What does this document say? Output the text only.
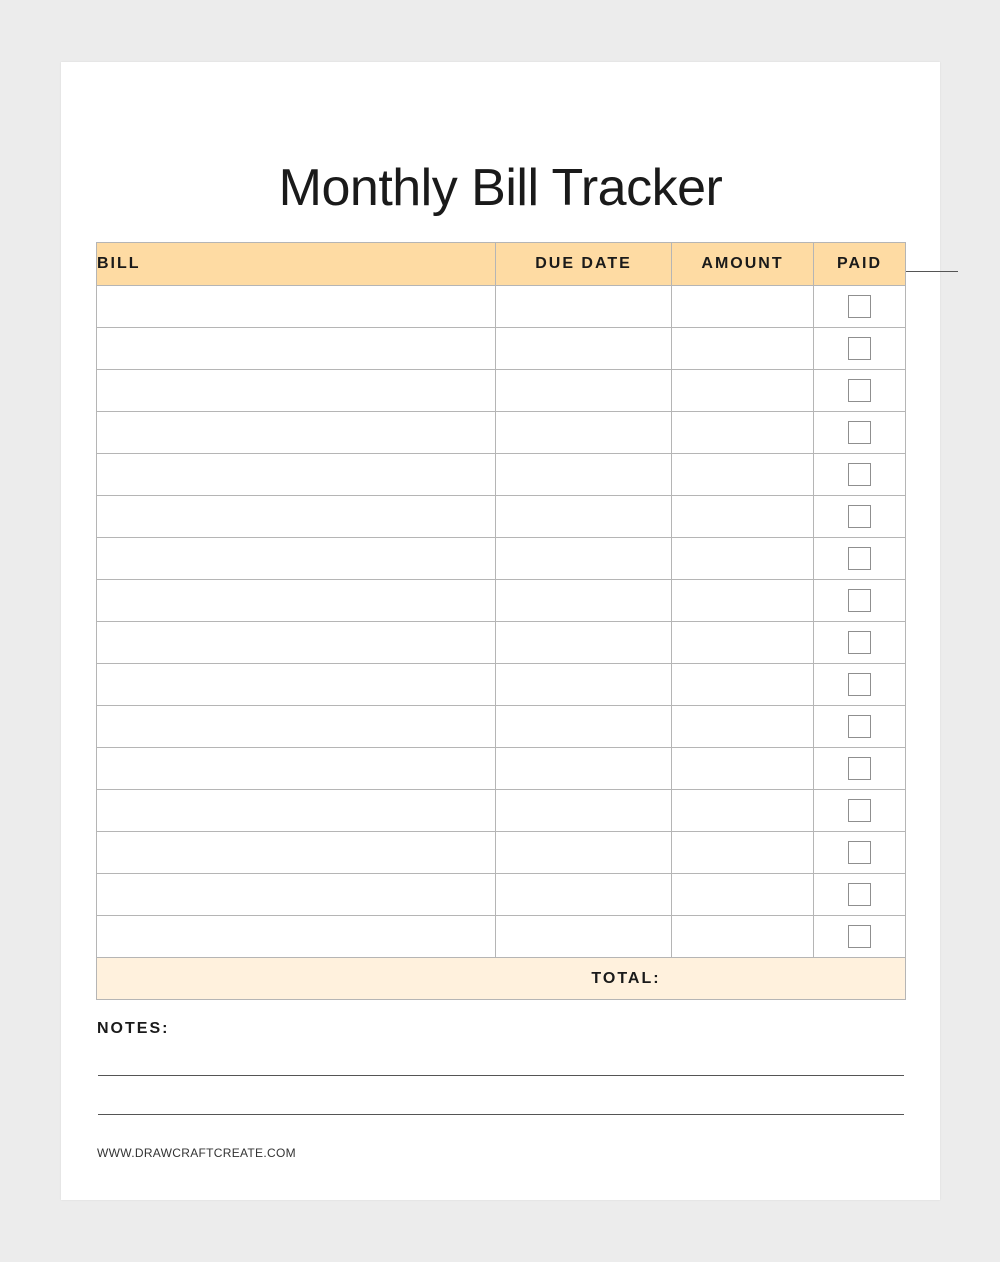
Monthly Bill Tracker
BILL	DUE DATE	AMOUNT	PAID

TOTAL:			
NOTES:
WWW.DRAWCRAFTCREATE.COM
